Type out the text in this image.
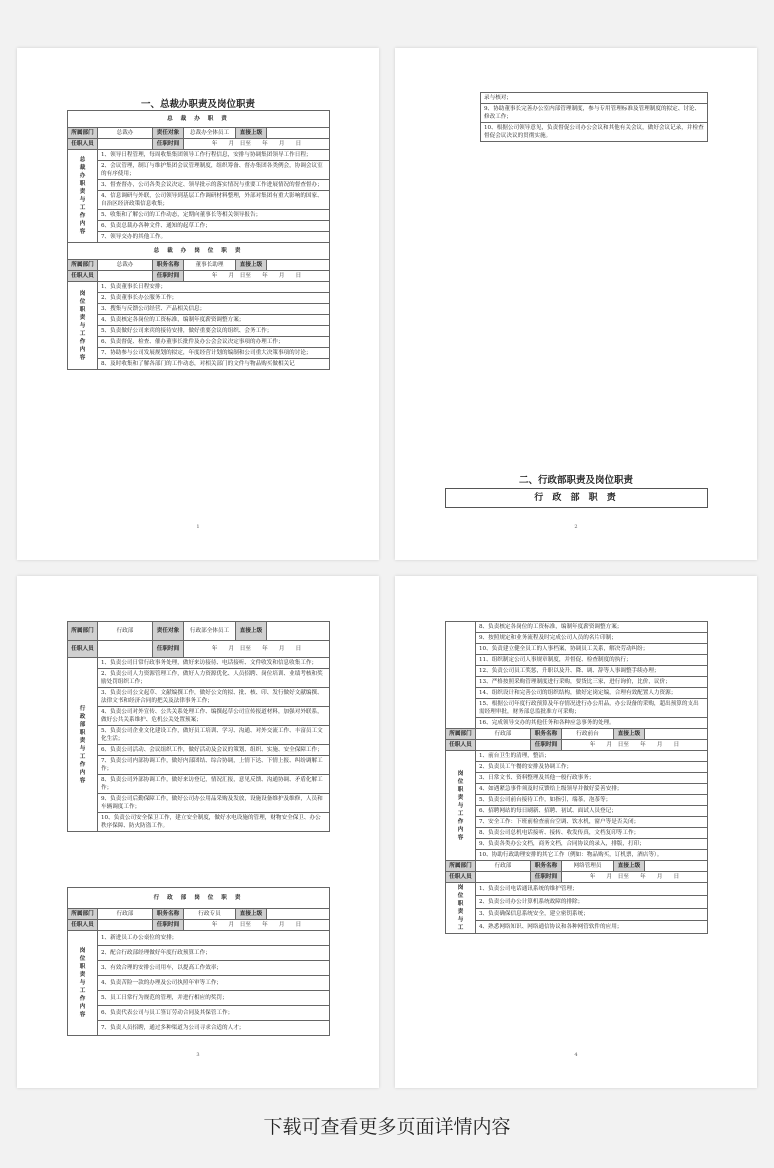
一、总裁办职责及岗位职责
总 裁 办 职 责					
所属部门	总裁办	责任对象	总裁办全体员工	直接上级	
任职人员		任职时间	年　　月　日至　　年　　月　　日		
总裁办职责与工作内容	1、领导日程管理，每周收集集团领导工作行程信息，安排与协调集团领导工作日程；				
	2、会议管理，制订与维护集团会议管理制度，组织筹备、督办集团各类例会，协调会议室的有序使用；				
	3、督查督办，公司各类会议决定、领导批示的落实情况与重要工作进展情况的督查督办；				
	4、信息调研与外联，公司领导到基层工作调研材料整理，外部对集团有重大影响的国家、自治区经济政策信息收集；				
	5、收集和了解公司的工作动态，定期向董事长等相关领导报告；				
	6、负责总裁办各种文件、通知的起草工作；				
	7、领导交办的其他工作。				
总 裁 办 岗 位 职 责					
所属部门	总裁办	职务名称	董事长助理	直接上级	
任职人员		任职时间	年　　月　日至　　年　　月　　日		
岗位职责与工作内容	1、负责董事长日程安排；				
	2、负责董事长办公服务工作；				
	3、搜集与反馈公司经营、产品相关信息；				
	4、负责核定各岗位的工资标准，编制年度薪资调整方案；				
	5、负责做好公司来宾的接待安排，做好重要会议的组织、会务工作；				
	6、负责督促、检查、催办董事长批件及办公会会议决定事项的办理工作；				
	7、协助参与公司发展规划的拟定，年度经营计划的编制和公司重大决策事项的讨论；				
	8、及时收集和了解各部门的工作动态，对相关部门的文件与物品购买做相关记				
1
录与核对；
9、协助董事长完善办公室内部管理制度，参与专用管理标准及管理制度的拟定、讨论、修改工作；
10、根据公司领导意见，负责督促公司办公会议和其他有关会议，做好会议记录，并检查督促会议决议的贯彻实施。
二、行政部职责及岗位职责
行 政 部 职 责
2
所属部门	行政部	责任对象	行政部全体员工	直接上级	
任职人员		任职时间	年　　月　日至　　年　　月　　日		
行政部职责与工作内容	1、负责公司日常行政事务处理，做好来访接待、电话接听、文件收发和信息收集工作；				
	2、负责公司人力资源管理工作，做好人力资源优化、人员招聘、岗位培训、业绩考核和奖励处罚组织工作；				
	3、负责公司公文起草、文献编撰工作，做好公文的拟、批、核、印、发行做好文献编撰、法律文书和经济合同的把关及法律事务工作；				
	4、负责公司对外宣传、公共关系处理工作、编撰起草公司宣传报道材料，加强对外联系，做好公共关系维护、危机公关处置预案；				
	5、负责公司企业文化建设工作，做好员工培训、学习、沟通、对外交流工作、丰富员工文化生活；				
	6、负责公司活动、会议组织工作，做好活动及会议的策划、组织、实施、安全保障工作；				
	7、负责公司内部协调工作，做好内部团结、综合协调，上情下达、下情上报、纠纷调解工作；				
	8、负责公司外部协调工作，做好来访登记，情况汇报，意见反馈、沟通协调、矛盾化解工作；				
	9、负责公司后勤保障工作，做好公司办公用品采购及发放，设施设备维护及维修，人员和车辆调度工作；				
	10、负责公司安全保卫工作，建立安全制度，做好水电设施的管理，财物安全保卫、办公秩序保障、防火防盗工作。				
行 政 部 岗 位 职 责					
所属部门	行政部	职务名称	行政专员	直接上级	
任职人员		任职时间	年　　月　日至　　年　　月　　日		
岗位职责与工作内容	1、新进员工办公桌位的安排；				
	2、配合行政部经理做好年度行政预算工作；				
	3、有效合理的安排公司用车，以提高工作效率；				
	4、负责苦险一款的办理及公司执照年审等工作；				
	5、员工日常行为规范的管理，并进行相应的奖罚；				
	6、负责代表公司与员工签订劳动合同及其保管工作；				
	7、负责人员招聘，通过多种渠道为公司寻求合适的人才；				
3
	8、负责核定各岗位的工资标准，编制年度薪资调整方案；				
	9、按照规定和业务流程及时完成公司人员的名片印制；				
	10、负责建立健全员工的人事档案，协调员工关系，解决劳动纠纷；				
	11、组织制定公司人事规章制度，并督促、检查制度的执行；				
	12、负责公司员工奖惩，升职以及升、降、调、辞等人事调整手续办理；				
	13、严格按照采购管理制度进行采购，要货比三家，进行询价，比价，议价；				
	14、组织设计和完善公司的组织结构，做好定岗定编，合理有效配置人力资源；				
	15、根据公司年度行政预算及年存情况进行办公用品，办公设备的采购，超出预算的支出需经理审批，财务部总监批准方可采购；				
	16、完成领导交办的其他任务和各种应急事务的处理。				
所属部门	行政部	职务名称	行政前台	直接上级	
任职人员		任职时间	年　　月　日至　　年　　月　　日		
岗位职责与工作内容	1、前台卫生的清理，整洁；				
	2、负责员工午餐的安排及协调工作；				
	3、日常文书、资料整理及其他一般行政事务；				
	4、如遇紧急事件须及时反馈给上级领导并做好妥善安排；				
	5、负责公司前台接待工作，如指引，端茶，泡茶等；				
	6、招聘网站的每日刷新、招聘、初试、面试人员登记；				
	7、安全工作：下班前检查前台空调、饮水机，窗户等是否关闭；				
	8、负责公司总机电话接听、接转、收发传真，文档复印等工作；				
	9、负责各类办公文档，商务文档，合同协议的录入，排版，打印；				
	10、协助行政助理安排的其它工作（例如：物品购买，订机票，酒店等）。				
所属部门	行政部	职务名称	网络管理员	直接上级	
任职人员		任职时间	年　　月　日至　　年　　月　　日		
岗位职责与工	1、负责公司电话通讯系统的维护管理；				
	2、负责公司办公计算机系统故障的排除；				
	3、负责确保信息系统安全，建立密钥系统；				
	4、熟悉网络知识、网络通信协议和各种网管软件的应用；				
4
下载可查看更多页面详情内容
